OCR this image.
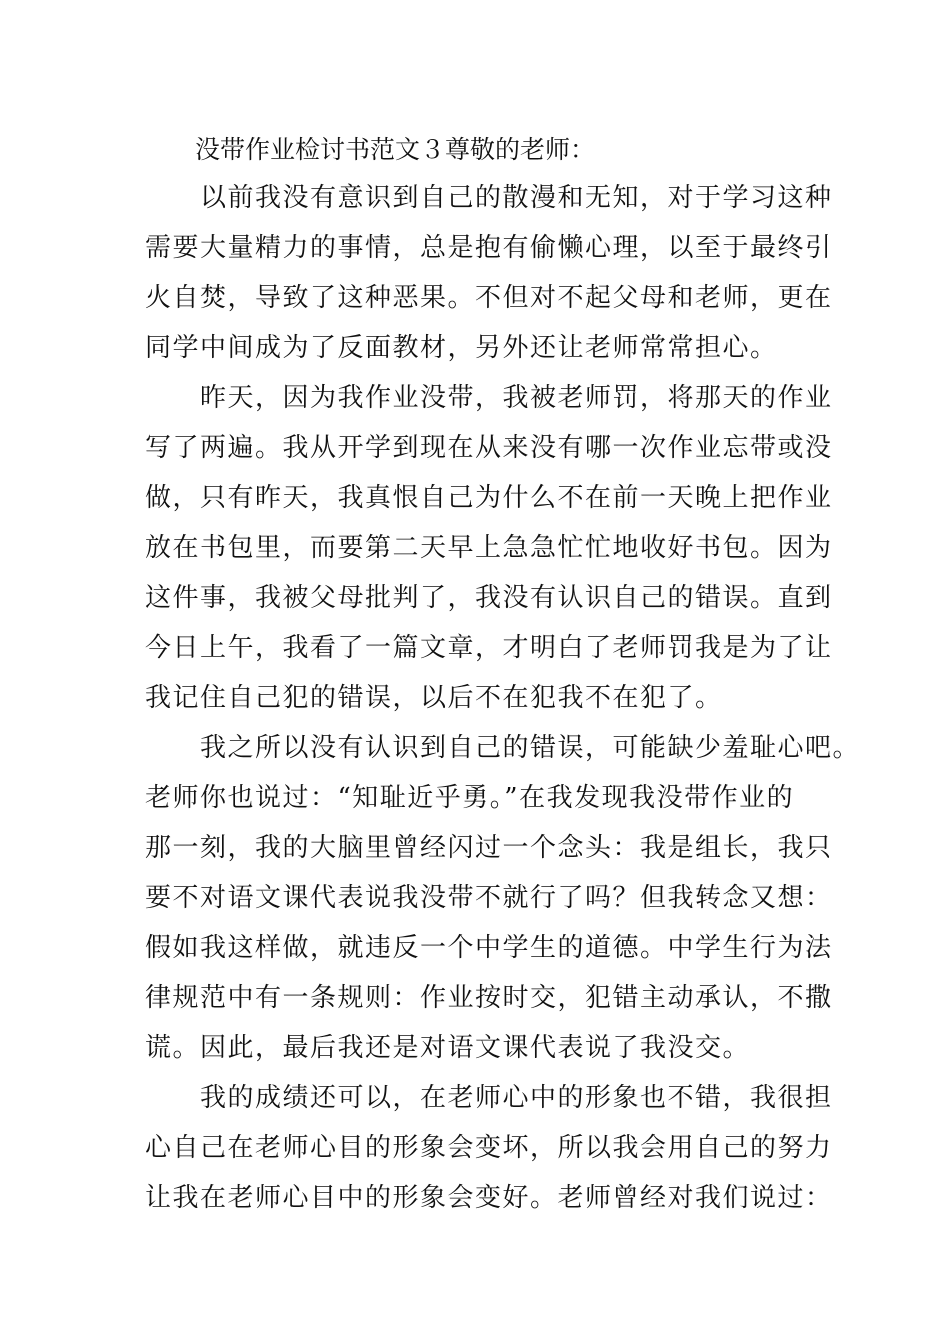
没带作业检讨书范文３尊敬的老师：
以前我没有意识到自己的散漫和无知，对于学习这种
需要大量精力的事情，总是抱有偷懒心理，以至于最终引
火自焚，导致了这种恶果。不但对不起父母和老师，更在
同学中间成为了反面教材，另外还让老师常常担心。
昨天，因为我作业没带，我被老师罚，将那天的作业
写了两遍。我从开学到现在从来没有哪一次作业忘带或没
做，只有昨天，我真恨自己为什么不在前一天晚上把作业
放在书包里，而要第二天早上急急忙忙地收好书包。因为
这件事，我被父母批判了，我没有认识自己的错误。直到
今日上午，我看了一篇文章，才明白了老师罚我是为了让
我记住自己犯的错误，以后不在犯我不在犯了。
我之所以没有认识到自己的错误，可能缺少羞耻心吧。
老师你也说过：“知耻近乎勇。”在我发现我没带作业的
那一刻，我的大脑里曾经闪过一个念头：我是组长，我只
要不对语文课代表说我没带不就行了吗？但我转念又想：
假如我这样做，就违反一个中学生的道德。中学生行为法
律规范中有一条规则：作业按时交，犯错主动承认，不撒
谎。因此，最后我还是对语文课代表说了我没交。
我的成绩还可以，在老师心中的形象也不错，我很担
心自己在老师心目的形象会变坏，所以我会用自己的努力
让我在老师心目中的形象会变好。老师曾经对我们说过：
